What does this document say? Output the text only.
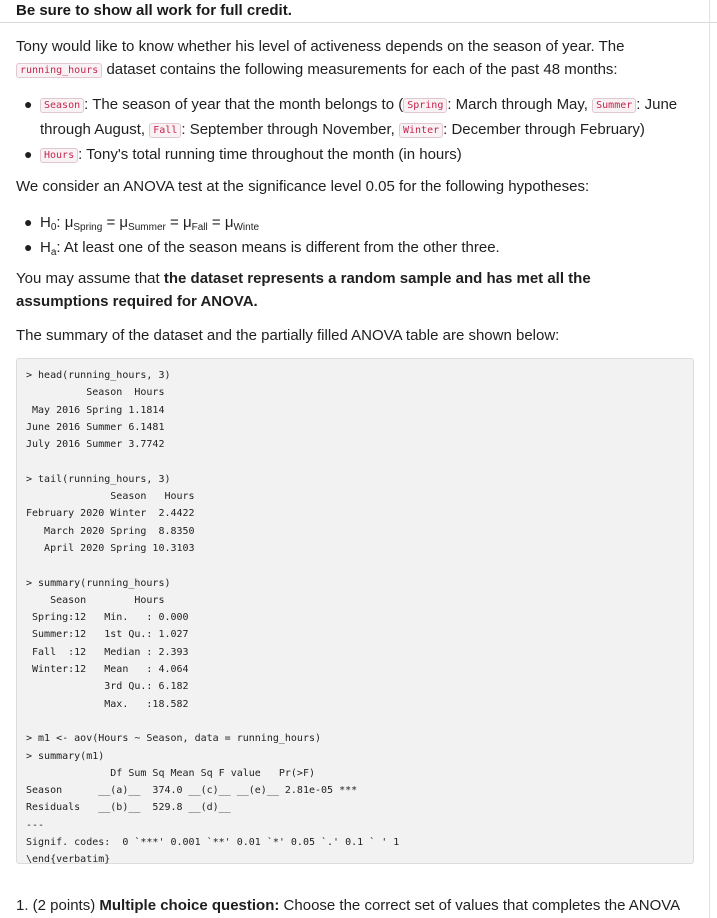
Be sure to show all work for full credit.

Tony would like to know whether his level of activeness depends on the season of year. The running_hours dataset contains the following measurements for each of the past 48 months:

● Season : The season of year that the month belongs to ( Spring : March through May, Summer : June through August, Fall : September through November, Winter : December through February)
● Hours : Tony's total running time throughout the month (in hours)

We consider an ANOVA test at the significance level 0.05 for the following hypotheses:

● $H_0$: $\mu_{Spring} = \mu_{Summer} = \mu_{Fall} = \mu_{Winte}$
● $H_a$: At least one of the season means is different from the other three.

You may assume that the dataset represents a random sample and has met all the assumptions required for ANOVA.

The summary of the dataset and the partially filled ANOVA table are shown below:

> head(running_hours, 3)
Season  Hours
May 2016 Spring 1.1814
June 2016 Summer 6.1481
July 2016 Summer 3.7742

> tail(running_hours, 3)
Season   Hours
February 2020 Winter  2.4422
March 2020 Spring  8.8350
April 2020 Spring 10.3103

> summary(running_hours)
Season        Hours
Spring:12   Min.   : 0.000
Summer:12   1st Qu.: 1.027
Fall  :12   Median : 2.393
Winter:12   Mean   : 4.064
3rd Qu.: 6.182
Max.   :18.582

> m1 <- aov(Hours ~ Season, data = running_hours)
> summary(m1)
Df Sum Sq Mean Sq F value   Pr(>F)
Season      __(a)__  374.0 __(c)__ __(e)__ 2.81e-05 ***
Residuals   __(b)__  529.8 __(d)__
---
Signif. codes:  0 `***' 0.001 `**' 0.01 `*' 0.05 `.' 0.1 ` ' 1
\end{verbatim}

1. (2 points) Multiple choice question: Choose the correct set of values that completes the ANOVA
